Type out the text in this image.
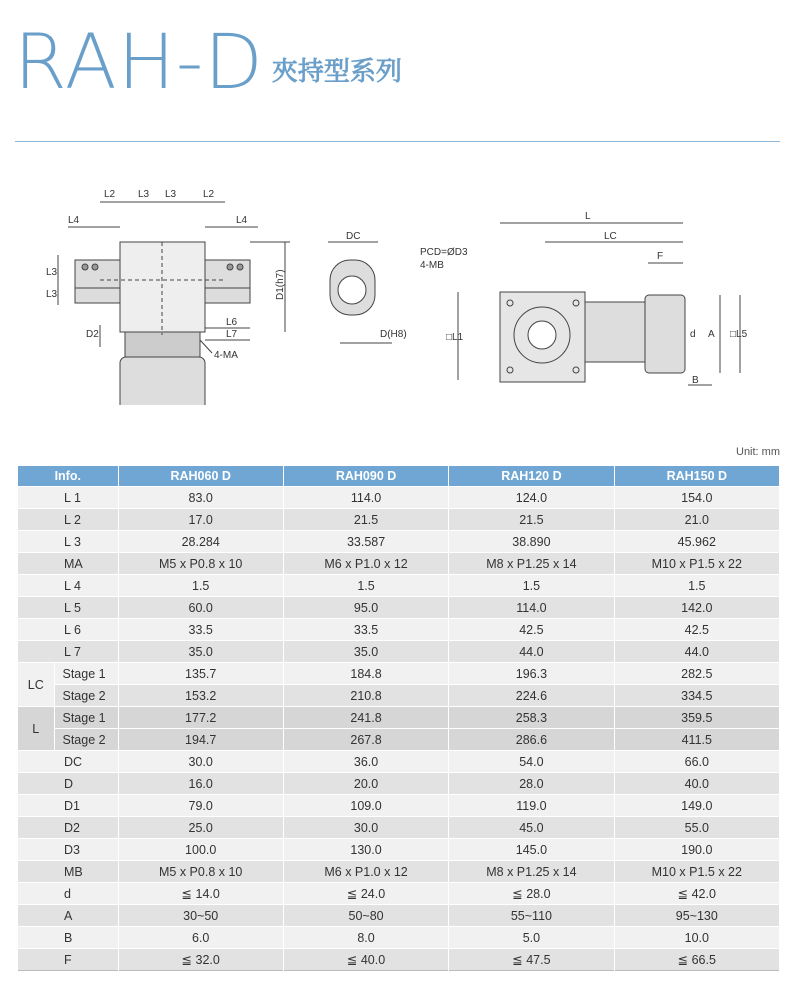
RAH-D 夾持型系列
L2 L3 L3	L2
L4	L4
L3
L3	D1(h7)
D2
L6
L7
4-MA
DC
D(H8)
L
LC
F
PCD=ØD3
4-MB
□L1	d A □L5
B
Unit: mm
Info.		RAH060 D	RAH090 D	RAH120 D	RAH150 D
L 1		83.0	114.0	124.0	154.0
L 2		17.0	21.5	21.5	21.0
L 3		28.284	33.587	38.890	45.962
MA		M5 x P0.8 x 10	M6 x P1.0 x 12	M8 x P1.25 x 14	M10 x P1.5 x 22
L 4		1.5	1.5	1.5	1.5
L 5		60.0	95.0	114.0	142.0
L 6		33.5	33.5	42.5	42.5
L 7		35.0	35.0	44.0	44.0
LC	Stage 1	135.7	184.8	196.3	282.5
	Stage 2	153.2	210.8	224.6	334.5
L	Stage 1	177.2	241.8	258.3	359.5
	Stage 2	194.7	267.8	286.6	411.5
DC		30.0	36.0	54.0	66.0
D		16.0	20.0	28.0	40.0
D1		79.0	109.0	119.0	149.0
D2		25.0	30.0	45.0	55.0
D3		100.0	130.0	145.0	190.0
MB		M5 x P0.8 x 10	M6 x P1.0 x 12	M8 x P1.25 x 14	M10 x P1.5 x 22
d		≦ 14.0	≦ 24.0	≦ 28.0	≦ 42.0
A		30~50	50~80	55~110	95~130
B		6.0	8.0	5.0	10.0
F		≦ 32.0	≦ 40.0	≦ 47.5	≦ 66.5
